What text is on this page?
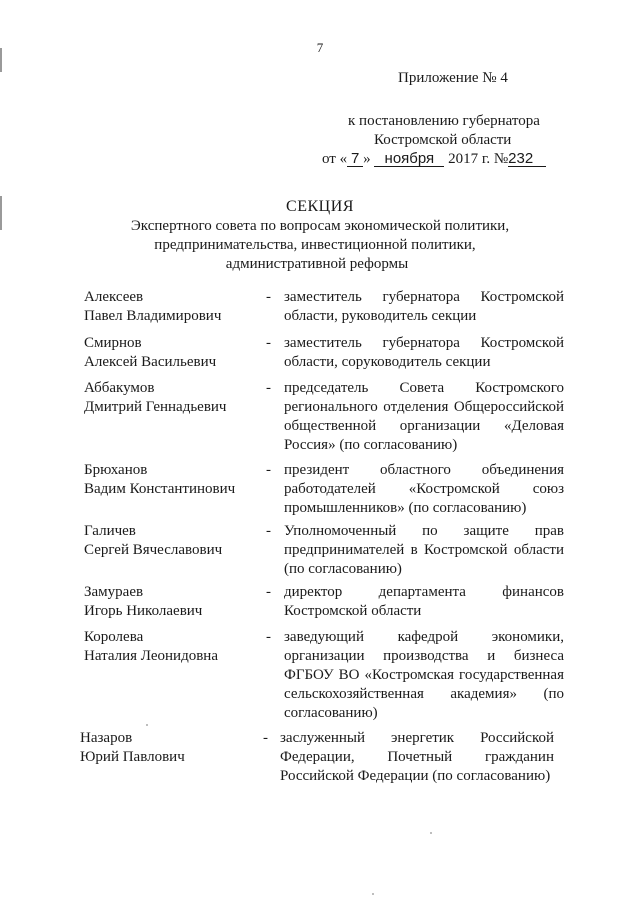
7
Приложение № 4
к постановлению губернатора
Костромской области
от « 7 » ноября 2017 г. №232
СЕКЦИЯ
Экспертного совета по вопросам экономической политики,
предпринимательства, инвестиционной политики,
административной реформы
Алексеев
Павел Владимирович
- заместитель губернатора Костромской области, руководитель секции
Смирнов
Алексей Васильевич
- заместитель губернатора Костромской области, соруководитель секции
Аббакумов
Дмитрий Геннадьевич
- председатель Совета Костромского регионального отделения Общероссийской общественной организации «Деловая Россия» (по согласованию)
Брюханов
Вадим Константинович
- президент областного объединения работодателей «Костромской союз промышленников» (по согласованию)
Галичев
Сергей Вячеславович
- Уполномоченный по защите прав предпринимателей в Костромской области (по согласованию)
Замураев
Игорь Николаевич
- директор департамента финансов Костромской области
Королева
Наталия Леонидовна
- заведующий кафедрой экономики, организации производства и бизнеса ФГБОУ ВО «Костромская государственная сельскохозяйственная академия» (по согласованию)
Назаров
Юрий Павлович
- заслуженный энергетик Российской Федерации, Почетный гражданин Российской Федерации (по согласованию)
